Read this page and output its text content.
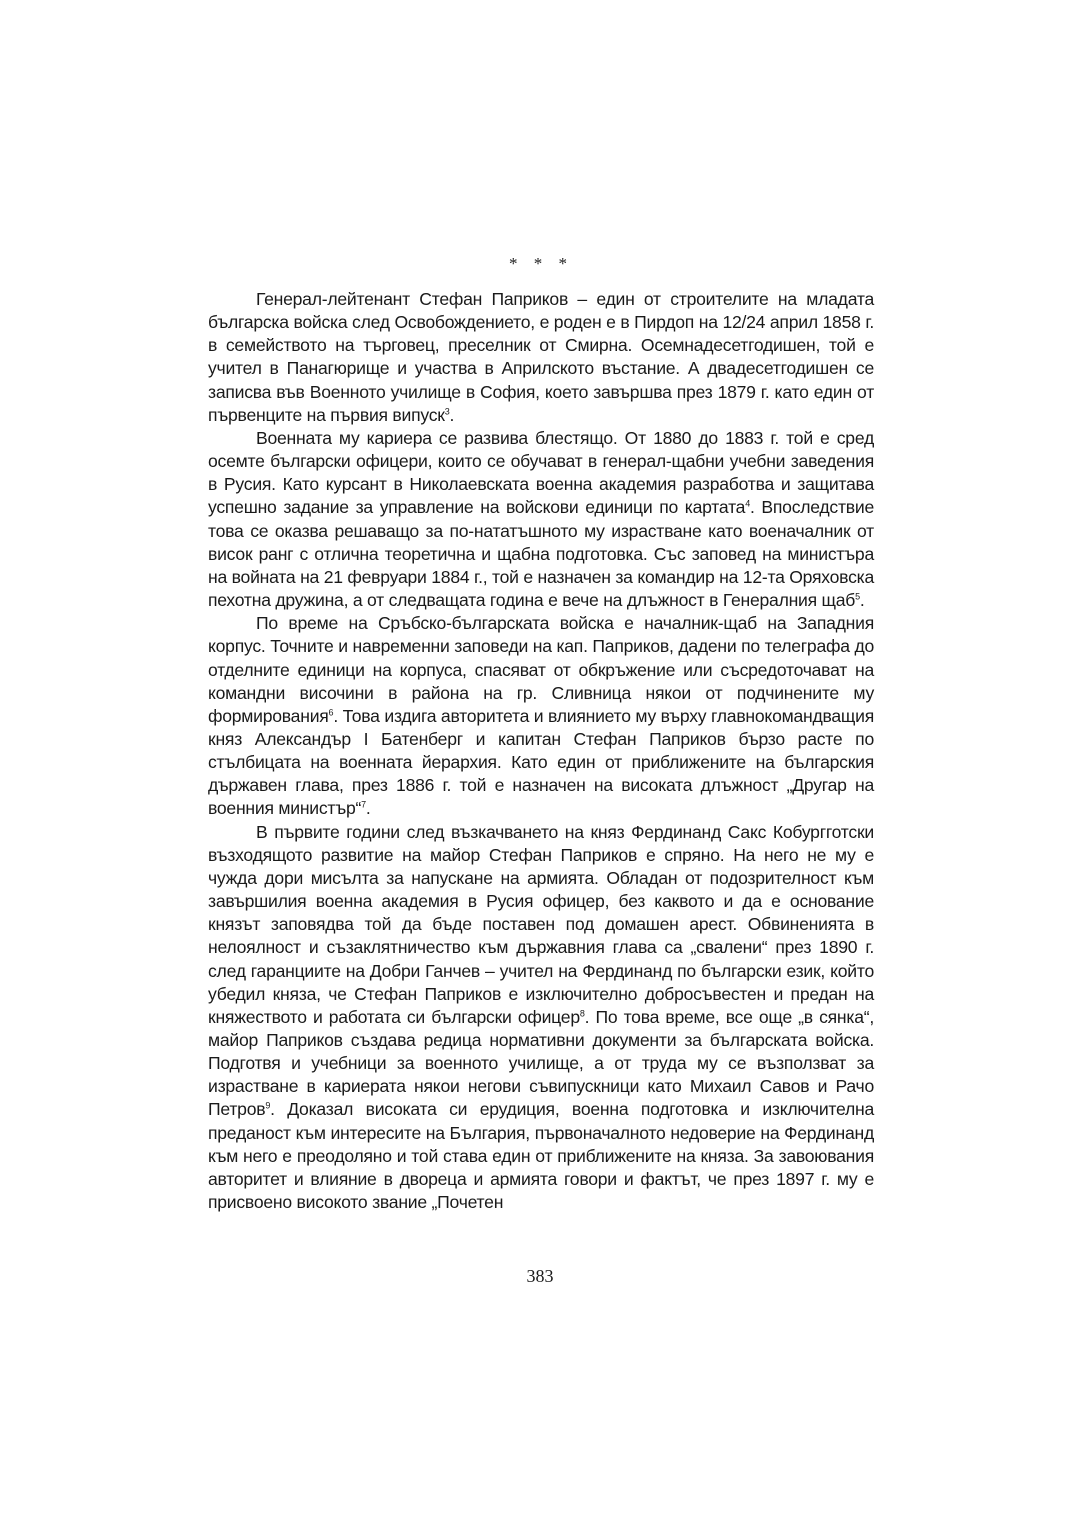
* * *

Генерал-лейтенант Стефан Паприков – един от строителите на младата българска войска след Освобождението, е роден е в Пирдоп на 12/24 април 1858 г. в семейството на търговец, преселник от Смирна. Осемнадесетгодишен, той е учител в Панагюрище и участва в Априлското въстание. А двадесетгодишен се записва във Военното училище в София, което завършва през 1879 г. като един от първенците на първия випуск$^3$.

Военната му кариера се развива блестящо. От 1880 до 1883 г. той е сред осемте български офицери, които се обучават в генерал-щабни учебни заведения в Русия. Като курсант в Николаевската военна академия разработва и защитава успешно задание за управление на войскови единици по картата$^4$. Впоследствие това се оказва решаващо за по-нататъшното му израстване като военачалник от висок ранг с отлична теоретична и щабна подготовка. Със заповед на министъра на войната на 21 февруари 1884 г., той е назначен за командир на 12-та Оряховска пехотна дружина, а от следващата година е вече на длъжност в Генералния щаб$^5$.

По време на Сръбско-българската войска е началник-щаб на Западния корпус. Точните и навременни заповеди на кап. Паприков, дадени по телеграфа до отделните единици на корпуса, спасяват от обкръжение или съсредоточават на командни височини в района на гр. Сливница някои от подчинените му формирования$^6$. Това издига авторитета и влиянието му върху главнокомандващия княз Александър I Батенберг и капитан Стефан Паприков бързо расте по стълбицата на военната йерархия. Като един от приближените на българския държавен глава, през 1886 г. той е назначен на високата длъжност „Другар на военния министър“$^7$.

В първите години след възкачването на княз Фердинанд Сакс Кобургготски възходящото развитие на майор Стефан Паприков е спряно. На него не му е чужда дори мисълта за напускане на армията. Обладан от подозрителност към завършилия военна академия в Русия офицер, без каквото и да е основание князът заповядва той да бъде поставен под домашен арест. Обвиненията в нелоялност и съзаклятничество към държавния глава са „свалени“ през 1890 г. след гаранциите на Добри Ганчев – учител на Фердинанд по български език, който убедил княза, че Стефан Паприков е изключително добросъвестен и предан на княжеството и работата си български офицер$^8$. По това време, все още „в сянка“, майор Паприков създава редица нормативни документи за българската войска. Подготвя и учебници за военното училище, а от труда му се възползват за израстване в кариерата някои негови съвипускници като Михаил Савов и Рачо Петров$^9$. Доказал високата си ерудиция, военна подготовка и изключителна преданост към интересите на България, първоначалното недоверие на Фердинанд към него е преодоляно и той става един от приближените на княза. За завоювания авторитет и влияние в двореца и армията говори и фактът, че през 1897 г. му е присвоено високото звание „Почетен

383
